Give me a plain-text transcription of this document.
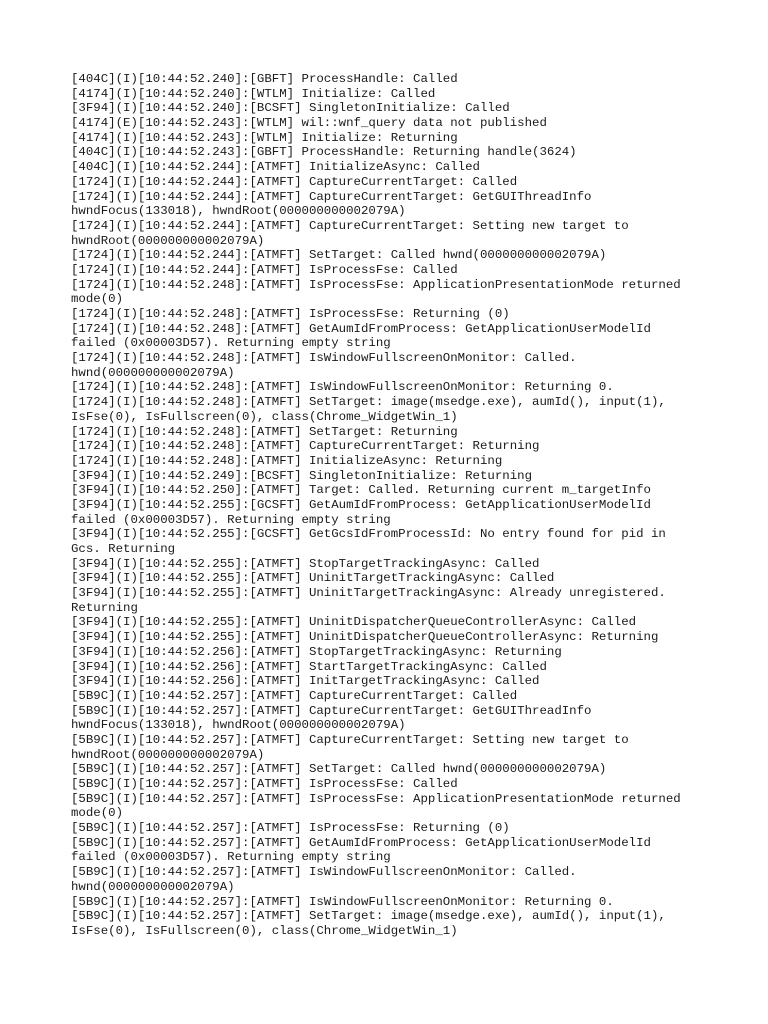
[404C](I)[10:44:52.240]:[GBFT] ProcessHandle: Called
[4174](I)[10:44:52.240]:[WTLM] Initialize: Called
[3F94](I)[10:44:52.240]:[BCSFT] SingletonInitialize: Called
[4174](E)[10:44:52.243]:[WTLM] wil::wnf_query data not published
[4174](I)[10:44:52.243]:[WTLM] Initialize: Returning
[404C](I)[10:44:52.243]:[GBFT] ProcessHandle: Returning handle(3624)
[404C](I)[10:44:52.244]:[ATMFT] InitializeAsync: Called
[1724](I)[10:44:52.244]:[ATMFT] CaptureCurrentTarget: Called
[1724](I)[10:44:52.244]:[ATMFT] CaptureCurrentTarget: GetGUIThreadInfo
hwndFocus(133018), hwndRoot(000000000002079A)
[1724](I)[10:44:52.244]:[ATMFT] CaptureCurrentTarget: Setting new target to
hwndRoot(000000000002079A)
[1724](I)[10:44:52.244]:[ATMFT] SetTarget: Called hwnd(000000000002079A)
[1724](I)[10:44:52.244]:[ATMFT] IsProcessFse: Called
[1724](I)[10:44:52.248]:[ATMFT] IsProcessFse: ApplicationPresentationMode returned
mode(0)
[1724](I)[10:44:52.248]:[ATMFT] IsProcessFse: Returning (0)
[1724](I)[10:44:52.248]:[ATMFT] GetAumIdFromProcess: GetApplicationUserModelId
failed (0x00003D57). Returning empty string
[1724](I)[10:44:52.248]:[ATMFT] IsWindowFullscreenOnMonitor: Called.
hwnd(000000000002079A)
[1724](I)[10:44:52.248]:[ATMFT] IsWindowFullscreenOnMonitor: Returning 0.
[1724](I)[10:44:52.248]:[ATMFT] SetTarget: image(msedge.exe), aumId(), input(1),
IsFse(0), IsFullscreen(0), class(Chrome_WidgetWin_1)
[1724](I)[10:44:52.248]:[ATMFT] SetTarget: Returning
[1724](I)[10:44:52.248]:[ATMFT] CaptureCurrentTarget: Returning
[1724](I)[10:44:52.248]:[ATMFT] InitializeAsync: Returning
[3F94](I)[10:44:52.249]:[BCSFT] SingletonInitialize: Returning
[3F94](I)[10:44:52.250]:[ATMFT] Target: Called. Returning current m_targetInfo
[3F94](I)[10:44:52.255]:[GCSFT] GetAumIdFromProcess: GetApplicationUserModelId
failed (0x00003D57). Returning empty string
[3F94](I)[10:44:52.255]:[GCSFT] GetGcsIdFromProcessId: No entry found for pid in
Gcs. Returning
[3F94](I)[10:44:52.255]:[ATMFT] StopTargetTrackingAsync: Called
[3F94](I)[10:44:52.255]:[ATMFT] UninitTargetTrackingAsync: Called
[3F94](I)[10:44:52.255]:[ATMFT] UninitTargetTrackingAsync: Already unregistered.
Returning
[3F94](I)[10:44:52.255]:[ATMFT] UninitDispatcherQueueControllerAsync: Called
[3F94](I)[10:44:52.255]:[ATMFT] UninitDispatcherQueueControllerAsync: Returning
[3F94](I)[10:44:52.256]:[ATMFT] StopTargetTrackingAsync: Returning
[3F94](I)[10:44:52.256]:[ATMFT] StartTargetTrackingAsync: Called
[3F94](I)[10:44:52.256]:[ATMFT] InitTargetTrackingAsync: Called
[5B9C](I)[10:44:52.257]:[ATMFT] CaptureCurrentTarget: Called
[5B9C](I)[10:44:52.257]:[ATMFT] CaptureCurrentTarget: GetGUIThreadInfo
hwndFocus(133018), hwndRoot(000000000002079A)
[5B9C](I)[10:44:52.257]:[ATMFT] CaptureCurrentTarget: Setting new target to
hwndRoot(000000000002079A)
[5B9C](I)[10:44:52.257]:[ATMFT] SetTarget: Called hwnd(000000000002079A)
[5B9C](I)[10:44:52.257]:[ATMFT] IsProcessFse: Called
[5B9C](I)[10:44:52.257]:[ATMFT] IsProcessFse: ApplicationPresentationMode returned
mode(0)
[5B9C](I)[10:44:52.257]:[ATMFT] IsProcessFse: Returning (0)
[5B9C](I)[10:44:52.257]:[ATMFT] GetAumIdFromProcess: GetApplicationUserModelId
failed (0x00003D57). Returning empty string
[5B9C](I)[10:44:52.257]:[ATMFT] IsWindowFullscreenOnMonitor: Called.
hwnd(000000000002079A)
[5B9C](I)[10:44:52.257]:[ATMFT] IsWindowFullscreenOnMonitor: Returning 0.
[5B9C](I)[10:44:52.257]:[ATMFT] SetTarget: image(msedge.exe), aumId(), input(1),
IsFse(0), IsFullscreen(0), class(Chrome_WidgetWin_1)
